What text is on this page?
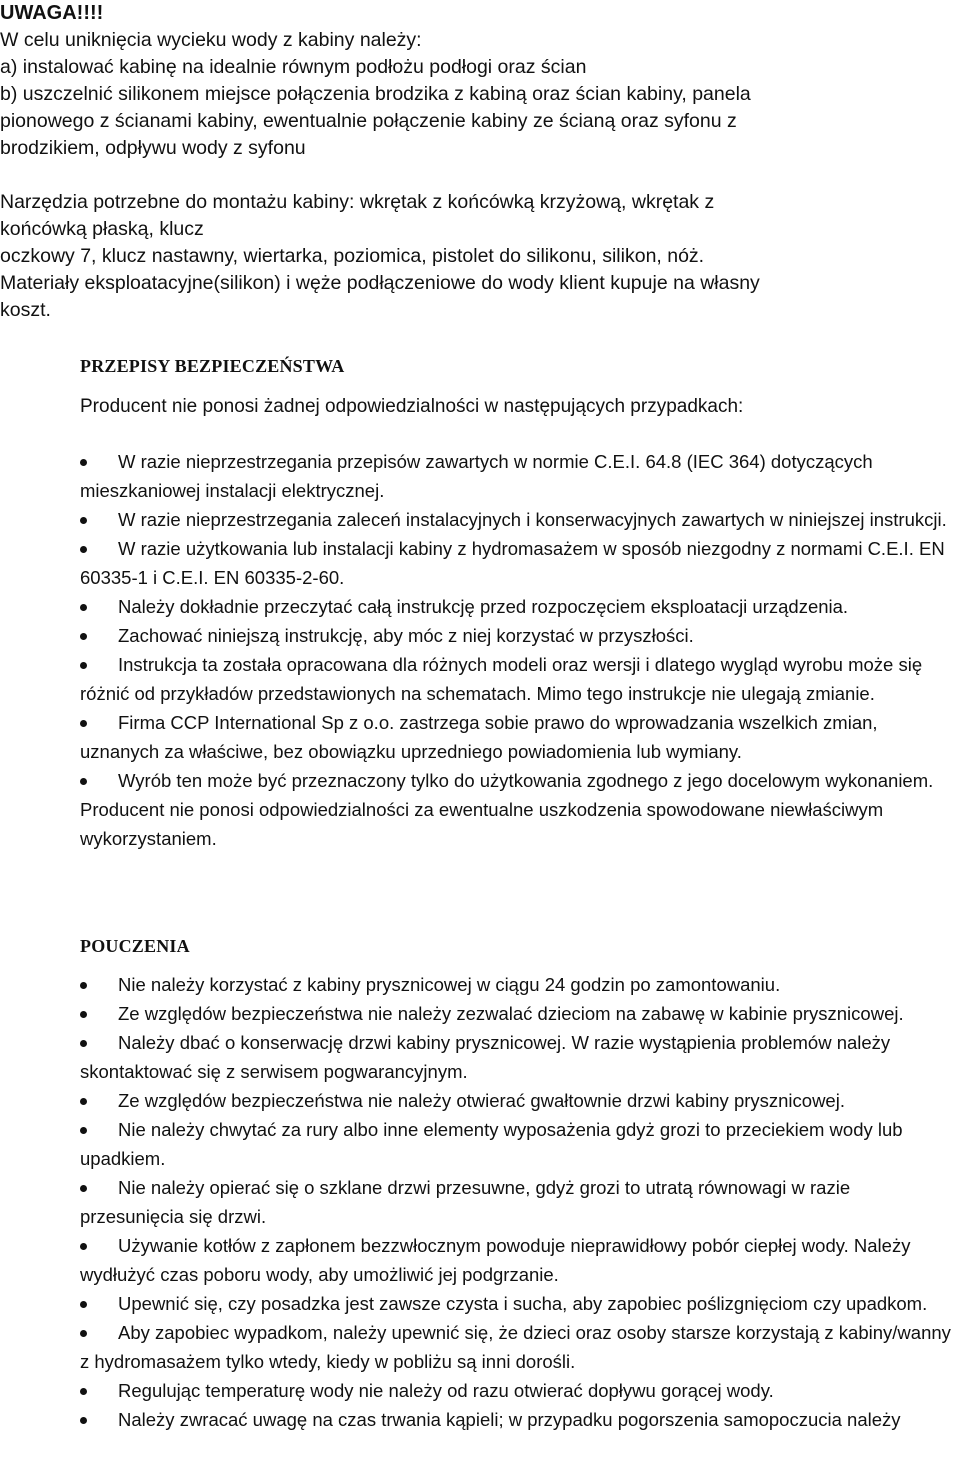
UWAGA!!!!
W celu uniknięcia wycieku wody z kabiny należy:
a) instalować kabinę na idealnie równym podłożu podłogi oraz ścian
b) uszczelnić silikonem miejsce połączenia brodzika z kabiną oraz ścian kabiny, panela
pionowego z ścianami kabiny, ewentualnie połączenie kabiny ze ścianą oraz syfonu z
brodzikiem, odpływu wody z syfonu
Narzędzia potrzebne do montażu kabiny: wkrętak z końcówką krzyżową, wkrętak z
końcówką płaską, klucz
oczkowy 7, klucz nastawny, wiertarka, poziomica, pistolet do silikonu, silikon, nóż.
Materiały eksploatacyjne(silikon) i węże podłączeniowe do wody klient kupuje na własny
koszt.
PRZEPISY BEZPIECZEŃSTWA
Producent nie ponosi żadnej odpowiedzialności w następujących przypadkach:
W razie nieprzestrzegania przepisów zawartych w normie C.E.I. 64.8 (IEC 364) dotyczących mieszkaniowej instalacji elektrycznej.
W razie nieprzestrzegania zaleceń instalacyjnych i konserwacyjnych zawartych w niniejszej instrukcji.
W razie użytkowania lub instalacji kabiny z hydromasażem w sposób niezgodny z normami C.E.I. EN 60335-1 i C.E.I. EN 60335-2-60.
Należy dokładnie przeczytać całą instrukcję przed rozpoczęciem eksploatacji urządzenia.
Zachować niniejszą instrukcję, aby móc z niej korzystać w przyszłości.
Instrukcja ta została opracowana dla różnych modeli oraz wersji i dlatego wygląd wyrobu może się różnić od przykładów przedstawionych na schematach. Mimo tego instrukcje nie ulegają zmianie.
Firma CCP International Sp z o.o. zastrzega sobie prawo do wprowadzania wszelkich zmian, uznanych za właściwe, bez obowiązku uprzedniego powiadomienia lub wymiany.
Wyrób ten może być przeznaczony tylko do użytkowania zgodnego z jego docelowym wykonaniem. Producent nie ponosi odpowiedzialności za ewentualne uszkodzenia spowodowane niewłaściwym wykorzystaniem.
POUCZENIA
Nie należy korzystać z kabiny prysznicowej w ciągu 24 godzin po zamontowaniu.
Ze względów bezpieczeństwa nie należy zezwalać dzieciom na zabawę w kabinie prysznicowej.
Należy dbać o konserwację drzwi kabiny prysznicowej. W razie wystąpienia problemów należy skontaktować się z serwisem pogwarancyjnym.
Ze względów bezpieczeństwa nie należy otwierać gwałtownie drzwi kabiny prysznicowej.
Nie należy chwytać za rury albo inne elementy wyposażenia gdyż grozi to przeciekiem wody lub upadkiem.
Nie należy opierać się o szklane drzwi przesuwne, gdyż grozi to utratą równowagi w razie przesunięcia się drzwi.
Używanie kotłów z zapłonem bezzwłocznym powoduje nieprawidłowy pobór ciepłej wody. Należy wydłużyć czas poboru wody, aby umożliwić jej podgrzanie.
Upewnić się, czy posadzka jest zawsze czysta i sucha, aby zapobiec poślizgnięciom czy upadkom.
Aby zapobiec wypadkom, należy upewnić się, że dzieci oraz osoby starsze korzystają z kabiny/wanny z hydromasażem tylko wtedy, kiedy w pobliżu są inni dorośli.
Regulując temperaturę wody nie należy od razu otwierać dopływu gorącej wody.
Należy zwracać uwagę na czas trwania kąpieli; w przypadku pogorszenia samopoczucia należy
